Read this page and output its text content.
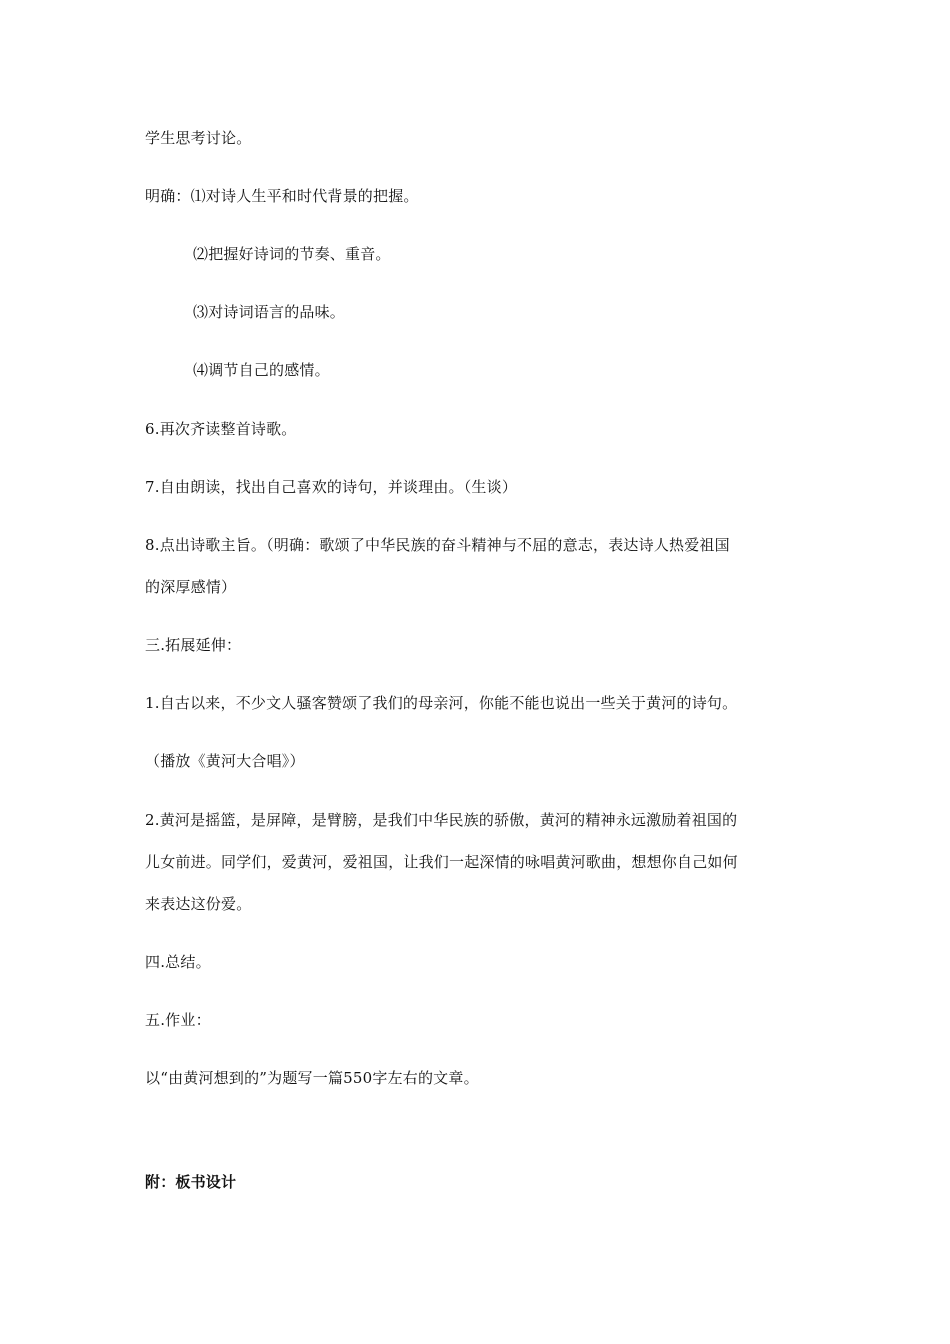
学生思考讨论。
明确：⑴对诗人生平和时代背景的把握。
⑵把握好诗词的节奏、重音。
⑶对诗词语言的品味。
⑷调节自己的感情。
6.再次齐读整首诗歌。
7.自由朗读，找出自己喜欢的诗句，并谈理由。（生谈）
8.点出诗歌主旨。（明确：歌颂了中华民族的奋斗精神与不屈的意志，表达诗人热爱祖国
的深厚感情）
三.拓展延伸：
1.自古以来，不少文人骚客赞颂了我们的母亲河，你能不能也说出一些关于黄河的诗句。
（播放《黄河大合唱》）
2.黄河是摇篮，是屏障，是臂膀，是我们中华民族的骄傲，黄河的精神永远激励着祖国的
儿女前进。同学们，爱黄河，爱祖国，让我们一起深情的咏唱黄河歌曲，想想你自己如何
来表达这份爱。
四.总结。
五.作业：
以“由黄河想到的”为题写一篇550字左右的文章。
附：板书设计
